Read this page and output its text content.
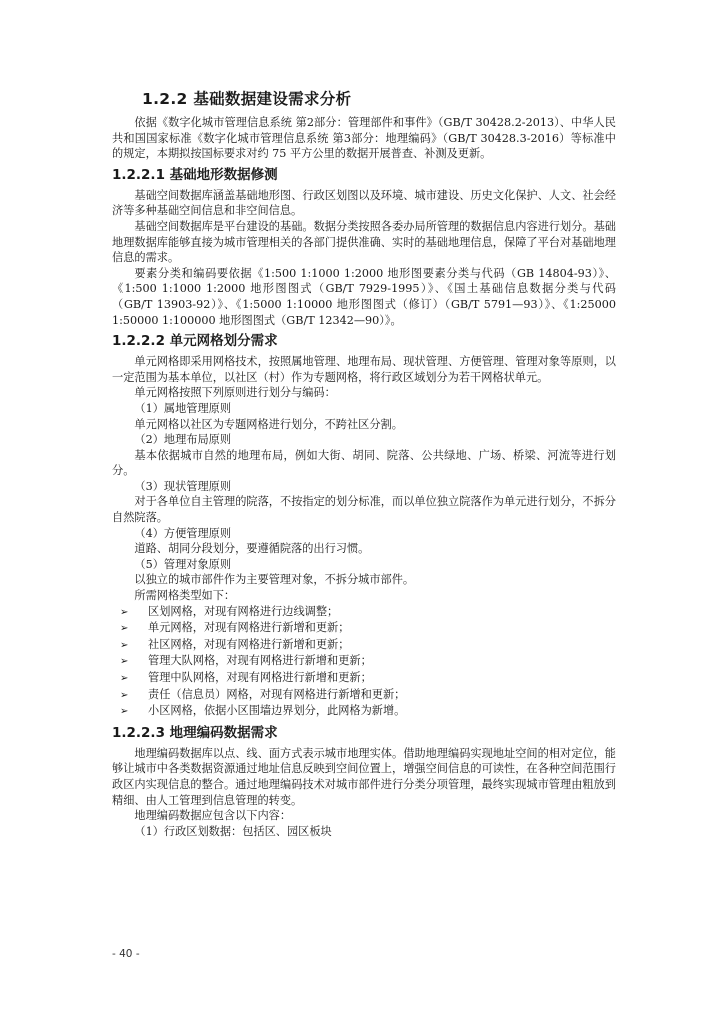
1.2.2 基础数据建设需求分析

依据《数字化城市管理信息系统 第2部分：管理部件和事件》（GB/T 30428.2-2013）、中华人民共和国国家标准《数字化城市管理信息系统 第3部分：地理编码》（GB/T 30428.3-2016）等标准中的规定，本期拟按国标要求对约 75 平方公里的数据开展普查、补测及更新。

1.2.2.1 基础地形数据修测

基础空间数据库涵盖基础地形图、行政区划图以及环境、城市建设、历史文化保护、人文、社会经济等多种基础空间信息和非空间信息。

基础空间数据库是平台建设的基础。数据分类按照各委办局所管理的数据信息内容进行划分。基础地理数据库能够直接为城市管理相关的各部门提供准确、实时的基础地理信息，保障了平台对基础地理信息的需求。

要素分类和编码要依据《1:500 1:1000 1:2000 地形图要素分类与代码（GB 14804-93）》、《1:500 1:1000 1:2000 地形图图式（GB/T 7929-1995）》、《国土基础信息数据分类与代码（GB/T 13903-92）》、《1:5000 1:10000 地形图图式（修订）（GB/T 5791—93）》、《1:25000 1:50000 1:100000 地形图图式（GB/T 12342—90）》。

1.2.2.2 单元网格划分需求

单元网格即采用网格技术，按照属地管理、地理布局、现状管理、方便管理、管理对象等原则，以一定范围为基本单位，以社区（村）作为专题网格，将行政区域划分为若干网格状单元。

单元网格按照下列原则进行划分与编码：

（1）属地管理原则

单元网格以社区为专题网格进行划分，不跨社区分割。

（2）地理布局原则

基本依据城市自然的地理布局，例如大街、胡同、院落、公共绿地、广场、桥梁、河流等进行划分。

（3）现状管理原则

对于各单位自主管理的院落，不按指定的划分标准，而以单位独立院落作为单元进行划分，不拆分自然院落。

（4）方便管理原则

道路、胡同分段划分，要遵循院落的出行习惯。

（5）管理对象原则

以独立的城市部件作为主要管理对象，不拆分城市部件。

所需网格类型如下：

➢ 区划网格，对现有网格进行边线调整；
➢ 单元网格，对现有网格进行新增和更新；
➢ 社区网格，对现有网格进行新增和更新；
➢ 管理大队网格，对现有网格进行新增和更新；
➢ 管理中队网格，对现有网格进行新增和更新；
➢ 责任（信息员）网格，对现有网格进行新增和更新；
➢ 小区网格，依据小区围墙边界划分，此网格为新增。
1.2.2.3 地理编码数据需求

地理编码数据库以点、线、面方式表示城市地理实体。借助地理编码实现地址空间的相对定位，能够让城市中各类数据资源通过地址信息反映到空间位置上，增强空间信息的可读性，在各种空间范围行政区内实现信息的整合。通过地理编码技术对城市部件进行分类分项管理，最终实现城市管理由粗放到精细、由人工管理到信息管理的转变。

地理编码数据应包含以下内容：

（1）行政区划数据：包括区、园区板块

- 40 -
